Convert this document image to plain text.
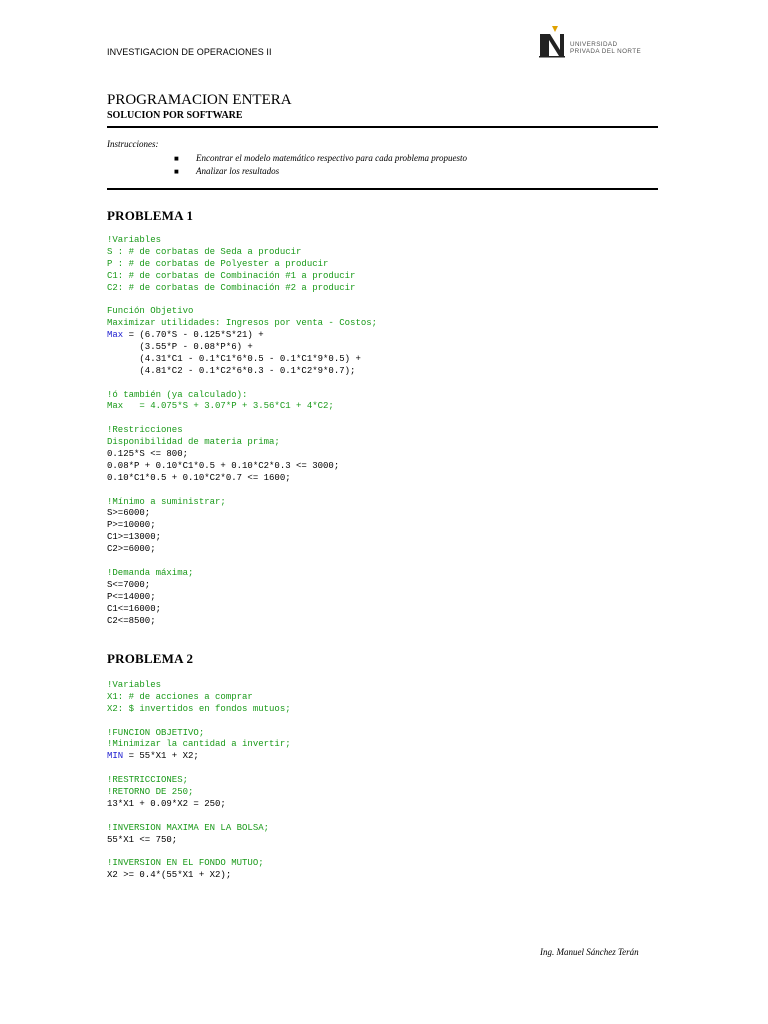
INVESTIGACION DE OPERACIONES II
UNIVERSIDAD
PRIVADA DEL NORTE
PROGRAMACION ENTERA
SOLUCION POR SOFTWARE
Instrucciones:
■ Encontrar el modelo matemático respectivo para cada problema propuesto
■ Analizar los resultados
PROBLEMA 1
!Variables
S : # de corbatas de Seda a producir
P : # de corbatas de Polyester a producir
C1: # de corbatas de Combinación #1 a producir
C2: # de corbatas de Combinación #2 a producir
Función Objetivo
Maximizar utilidades: Ingresos por venta - Costos;
Max = (6.70*S - 0.125*S*21) +
(3.55*P - 0.08*P*6) +
(4.31*C1 - 0.1*C1*6*0.5 - 0.1*C1*9*0.5) +
(4.81*C2 - 0.1*C2*6*0.3 - 0.1*C2*9*0.7);
!ó también (ya calculado):
Max   = 4.075*S + 3.07*P + 3.56*C1 + 4*C2;
!Restricciones
Disponibilidad de materia prima;
0.125*S <= 800;
0.08*P + 0.10*C1*0.5 + 0.10*C2*0.3 <= 3000;
0.10*C1*0.5 + 0.10*C2*0.7 <= 1600;
!Mínimo a suministrar;
S>=6000;
P>=10000;
C1>=13000;
C2>=6000;
!Demanda máxima;
S<=7000;
P<=14000;
C1<=16000;
C2<=8500;
PROBLEMA 2
!Variables
X1: # de acciones a comprar
X2: $ invertidos en fondos mutuos;
!FUNCION OBJETIVO;
!Minimizar la cantidad a invertir;
MIN = 55*X1 + X2;
!RESTRICCIONES;
!RETORNO DE 250;
13*X1 + 0.09*X2 = 250;
!INVERSION MAXIMA EN LA BOLSA;
55*X1 <= 750;
!INVERSION EN EL FONDO MUTUO;
X2 >= 0.4*(55*X1 + X2);
Ing. Manuel Sánchez Terán
